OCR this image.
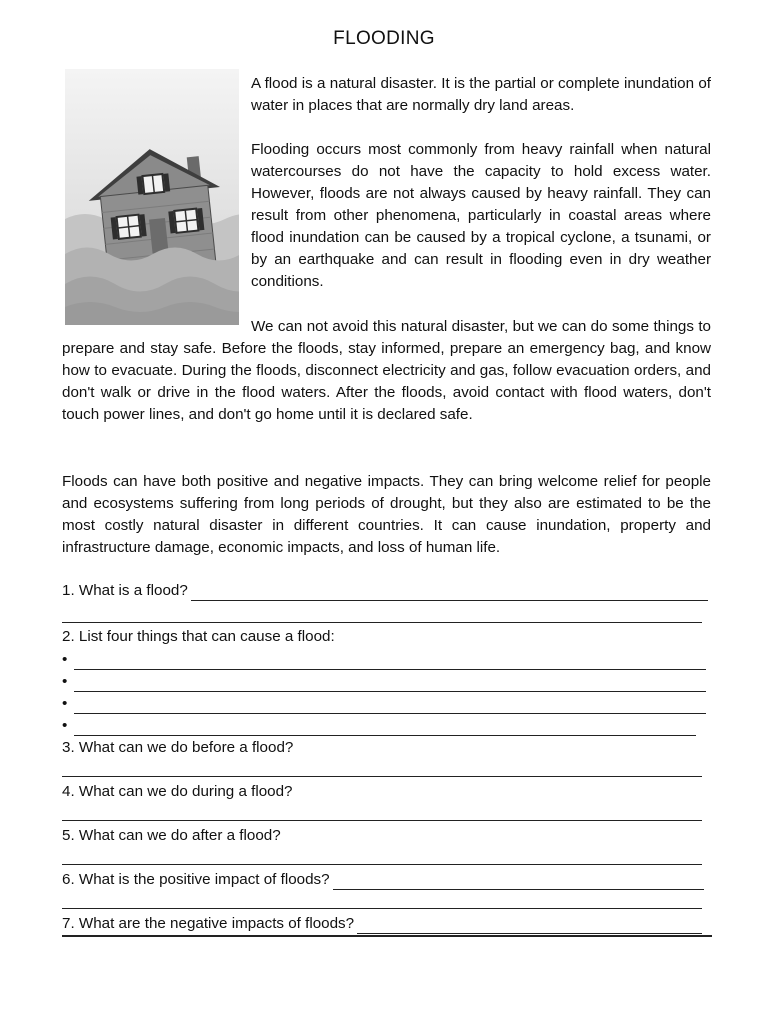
FLOODING

A flood is a natural disaster. It is the partial or complete inundation of water in places that are normally dry land areas.

Flooding occurs most commonly from heavy rainfall when natural watercourses do not have the capacity to hold excess water. However, floods are not always caused by heavy rainfall. They can result from other phenomena, particularly in coastal areas where flood inundation can be caused by a tropical cyclone, a tsunami, or by an earthquake and can result in flooding even in dry weather conditions.

We can not avoid this natural disaster, but we can do some things to prepare and stay safe. Before the floods, stay informed, prepare an emergency bag, and know how to evacuate. During the floods, disconnect electricity and gas, follow evacuation orders, and don't walk or drive in the flood waters. After the floods, avoid contact with flood waters, don't touch power lines, and don't go home until it is declared safe.

Floods can have both positive and negative impacts. They can bring welcome relief for people and ecosystems suffering from long periods of drought, but they also are estimated to be the most costly natural disaster in different countries. It can cause inundation, property and infrastructure damage, economic impacts, and loss of human life.

1. What is a flood?
2. List four things that can cause a flood:
•
•
•
•
3. What can we do before a flood?
4. What can we do during a flood?
5. What can we do after a flood?
6. What is the positive impact of floods?
7. What are the negative impacts of floods?
